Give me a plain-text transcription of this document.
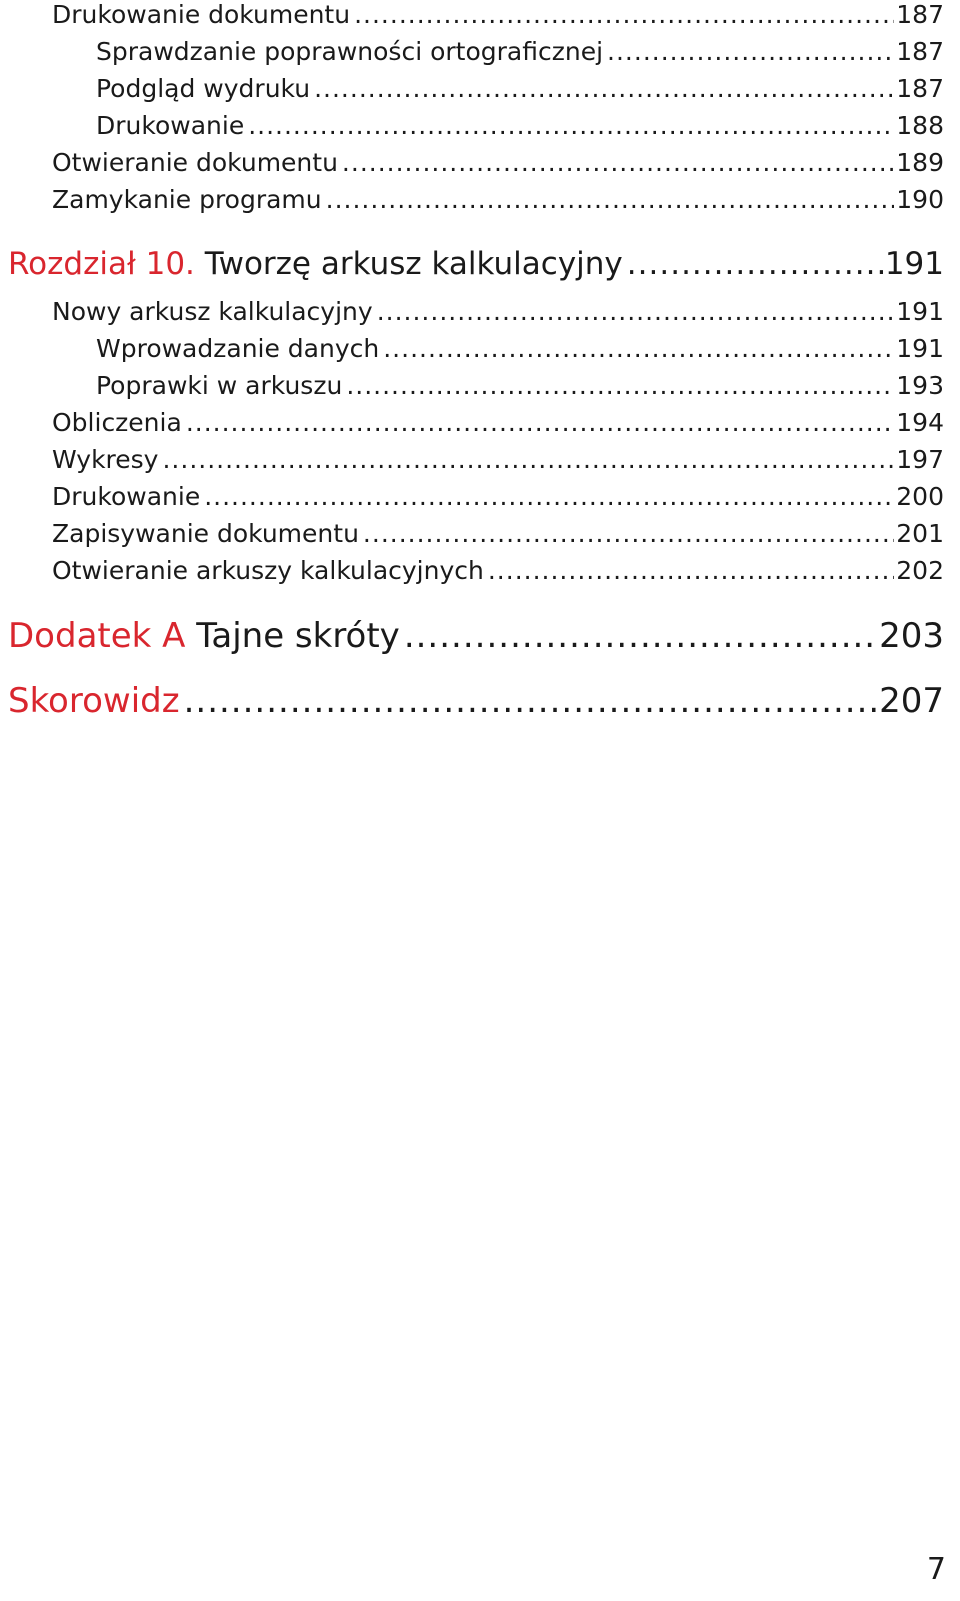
Drukowanie dokumentu .....	187
Sprawdzanie poprawności ortograficznej .....	187
Podgląd wydruku .....	187
Drukowanie .....	188
Otwieranie dokumentu .....	189
Zamykanie programu .....	190
Rozdział 10. Tworzę arkusz kalkulacyjny .....	191
Nowy arkusz kalkulacyjny .....	191
Wprowadzanie danych .....	191
Poprawki w arkuszu .....	193
Obliczenia .....	194
Wykresy .....	197
Drukowanie .....	200
Zapisywanie dokumentu .....	201
Otwieranie arkuszy kalkulacyjnych .....	202
Dodatek A Tajne skróty .....	203
Skorowidz .....	207
7
